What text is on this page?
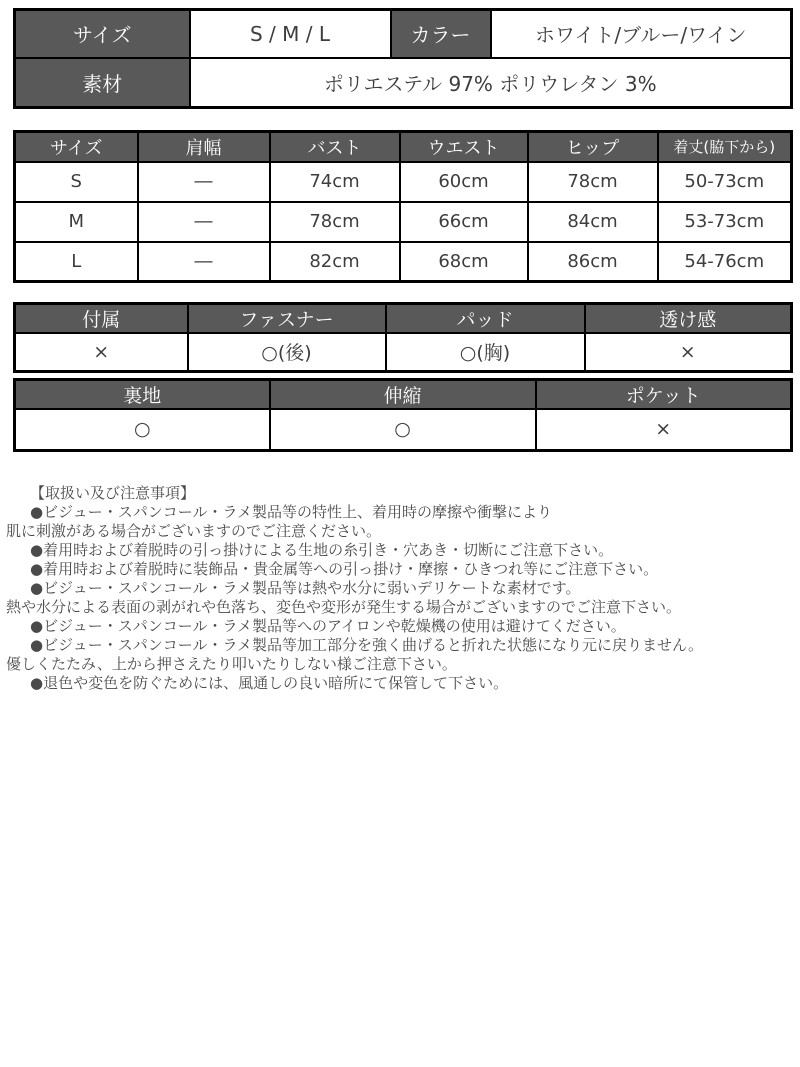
サイズ	S / M / L	カラー	ホワイト/ブルー/ワイン
素材	ポリエステル 97% ポリウレタン 3%		
サイズ	肩幅	バスト	ウエスト	ヒップ	着丈(脇下から)
S	―	74cm	60cm	78cm	50-73cm
M	―	78cm	66cm	84cm	53-73cm
L	―	82cm	68cm	86cm	54-76cm
付属	ファスナー	パッド	透け感
×	○(後)	○(胸)	×
裏地	伸縮	ポケット
○	○	×
【取扱い及び注意事項】
●ビジュー・スパンコール・ラメ製品等の特性上、着用時の摩擦や衝撃により
肌に刺激がある場合がございますのでご注意ください。
●着用時および着脱時の引っ掛けによる生地の糸引き・穴あき・切断にご注意下さい。
●着用時および着脱時に装飾品・貴金属等への引っ掛け・摩擦・ひきつれ等にご注意下さい。
●ビジュー・スパンコール・ラメ製品等は熱や水分に弱いデリケートな素材です。
熱や水分による表面の剥がれや色落ち、変色や変形が発生する場合がございますのでご注意下さい。
●ビジュー・スパンコール・ラメ製品等へのアイロンや乾燥機の使用は避けてください。
●ビジュー・スパンコール・ラメ製品等加工部分を強く曲げると折れた状態になり元に戻りません。
優しくたたみ、上から押さえたり叩いたりしない様ご注意下さい。
●退色や変色を防ぐためには、風通しの良い暗所にて保管して下さい。
